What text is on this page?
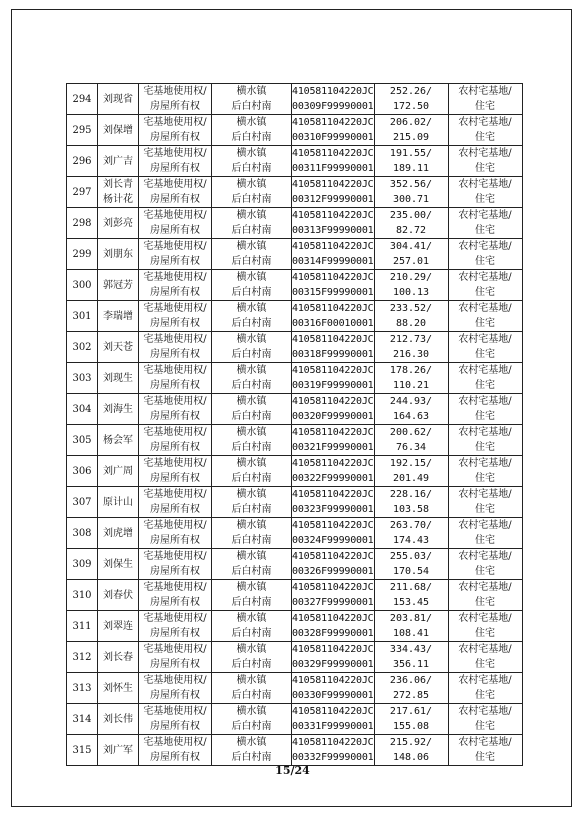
294	刘现省	宅基地使用权/
房屋所有权	横水镇
后白村南	410581104220JC
00309F99990001	252.26/
172.50	农村宅基地/
住宅

295	刘保增	宅基地使用权/
房屋所有权	横水镇
后白村南	410581104220JC
00310F99990001	206.02/
215.09	农村宅基地/
住宅

296	刘广吉	宅基地使用权/
房屋所有权	横水镇
后白村南	410581104220JC
00311F99990001	191.55/
189.11	农村宅基地/
住宅

297	刘长青
杨计花	宅基地使用权/
房屋所有权	横水镇
后白村南	410581104220JC
00312F99990001	352.56/
300.71	农村宅基地/
住宅

298	刘彭亮	宅基地使用权/
房屋所有权	横水镇
后白村南	410581104220JC
00313F99990001	235.00/
82.72	农村宅基地/
住宅

299	刘朋东	宅基地使用权/
房屋所有权	横水镇
后白村南	410581104220JC
00314F99990001	304.41/
257.01	农村宅基地/
住宅

300	郭冠芳	宅基地使用权/
房屋所有权	横水镇
后白村南	410581104220JC
00315F99990001	210.29/
100.13	农村宅基地/
住宅

301	李瑞增	宅基地使用权/
房屋所有权	横水镇
后白村南	410581104220JC
00316F00010001	233.52/
88.20	农村宅基地/
住宅

302	刘天苍	宅基地使用权/
房屋所有权	横水镇
后白村南	410581104220JC
00318F99990001	212.73/
216.30	农村宅基地/
住宅

303	刘现生	宅基地使用权/
房屋所有权	横水镇
后白村南	410581104220JC
00319F99990001	178.26/
110.21	农村宅基地/
住宅

304	刘海生	宅基地使用权/
房屋所有权	横水镇
后白村南	410581104220JC
00320F99990001	244.93/
164.63	农村宅基地/
住宅

305	杨会军	宅基地使用权/
房屋所有权	横水镇
后白村南	410581104220JC
00321F99990001	200.62/
76.34	农村宅基地/
住宅

306	刘广周	宅基地使用权/
房屋所有权	横水镇
后白村南	410581104220JC
00322F99990001	192.15/
201.49	农村宅基地/
住宅

307	原计山	宅基地使用权/
房屋所有权	横水镇
后白村南	410581104220JC
00323F99990001	228.16/
103.58	农村宅基地/
住宅

308	刘虎增	宅基地使用权/
房屋所有权	横水镇
后白村南	410581104220JC
00324F99990001	263.70/
174.43	农村宅基地/
住宅

309	刘保生	宅基地使用权/
房屋所有权	横水镇
后白村南	410581104220JC
00326F99990001	255.03/
170.54	农村宅基地/
住宅

310	刘春伏	宅基地使用权/
房屋所有权	横水镇
后白村南	410581104220JC
00327F99990001	211.68/
153.45	农村宅基地/
住宅

311	刘翠连	宅基地使用权/
房屋所有权	横水镇
后白村南	410581104220JC
00328F99990001	203.81/
108.41	农村宅基地/
住宅

312	刘长春	宅基地使用权/
房屋所有权	横水镇
后白村南	410581104220JC
00329F99990001	334.43/
356.11	农村宅基地/
住宅

313	刘怀生	宅基地使用权/
房屋所有权	横水镇
后白村南	410581104220JC
00330F99990001	236.06/
272.85	农村宅基地/
住宅

314	刘长伟	宅基地使用权/
房屋所有权	横水镇
后白村南	410581104220JC
00331F99990001	217.61/
155.08	农村宅基地/
住宅

315	刘广军	宅基地使用权/
房屋所有权	横水镇
后白村南	410581104220JC
00332F99990001	215.92/
148.06	农村宅基地/
住宅
15/24
